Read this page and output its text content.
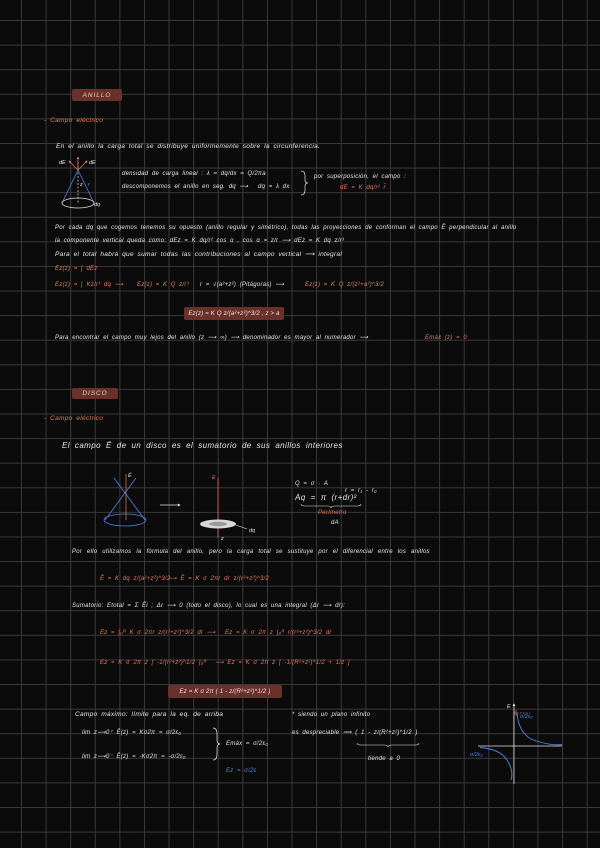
ANILLO
- Campo eléctrico
En el anillo la carga total se distribuye uniformemente sobre la circunferencia.
dE	dE
z r
dq
densidad de carga lineal : λ = dq/dx = Q/2πa
descomponemos el anillo en seg. dq ⟶ dq = λ dx
por superposición, el campo :
dE = K dq/r² r̂
Por cada dq que cogemos tenemos su opuesto (anillo regular y simétrico), todas las proyecciones de conforman el campo Ē perpendicular al anillo
la componente vertical queda como: dEz = K dq/r² cos α , cos α = z/r ⟶ dEz = K dq z/r³
Para el total habrá que sumar todas las contribuciones al campo vertical ⟶ integral
Ez(z) = ∫ dEz
Ez(z) = ∫ Kz/r³ dq ⟶ Ez(z) = K Q z/r³ r = √(a²+z²) (Pitágoras) ⟶	Ez(z) = K Q z/(z²+a²)^3/2
Ez(z) = K Q z/(a²+z²)^3/2 , z > a
Para encontrar el campo muy lejos del anillo (z ⟶ ∞) ⟶ denominador es mayor al numerador ⟶	Emáx (z) = 0
DISCO
- Campo eléctrico
El campo Ē de un disco es el sumatorio de sus anillos interiores
Ē	E
z
dq
Q = σ · A
r = r₁ - r₀
Aq = π (r+dr)²
Perímetro
dA
Por ello utilizamos la fórmula del anillo, pero la carga total se sustituye por el diferencial entre los anillos
Ē = K dq z/(a²+z²)^3/2
⟶ Ē = K σ 2πr dr z/(r²+z²)^3/2
Sumatorio: Etotal = Σ Ēi ; Δr ⟶ 0 (todo el disco), lo cual es una integral (Δr ⟶ dr):
Ez = ∫₀ᴿ K σ 2πr z/(r²+z²)^3/2 dr ⟶ Ez = K σ 2π z ∫₀ᴿ r/(r²+z²)^3/2 dr
Ez = K σ 2π z [ -1/(r²+z²)^1/2 ]₀ᴿ ⟶ Ez = K σ 2π z [ -1/(R²+z²)^1/2 + 1/z ]
Ez = K σ 2π ( 1 - z/(R²+z²)^1/2 )
Campo máximo: límite para la eq. de arriba
lim z⟶0⁺ Ē(z) = Kσ2π = σ/2ε₀
lim z⟶0⁻ Ē(z) = -Kσ2π = -σ/2ε₀
Emáx = σ/2ε₀
Ez = σ/2ε
* siendo un plano infinito
es despreciable ⟹ ( 1 - z/(R²+z²)^1/2 )
tiende a 0
E
σ/2ε₀
σ/2ε₀
